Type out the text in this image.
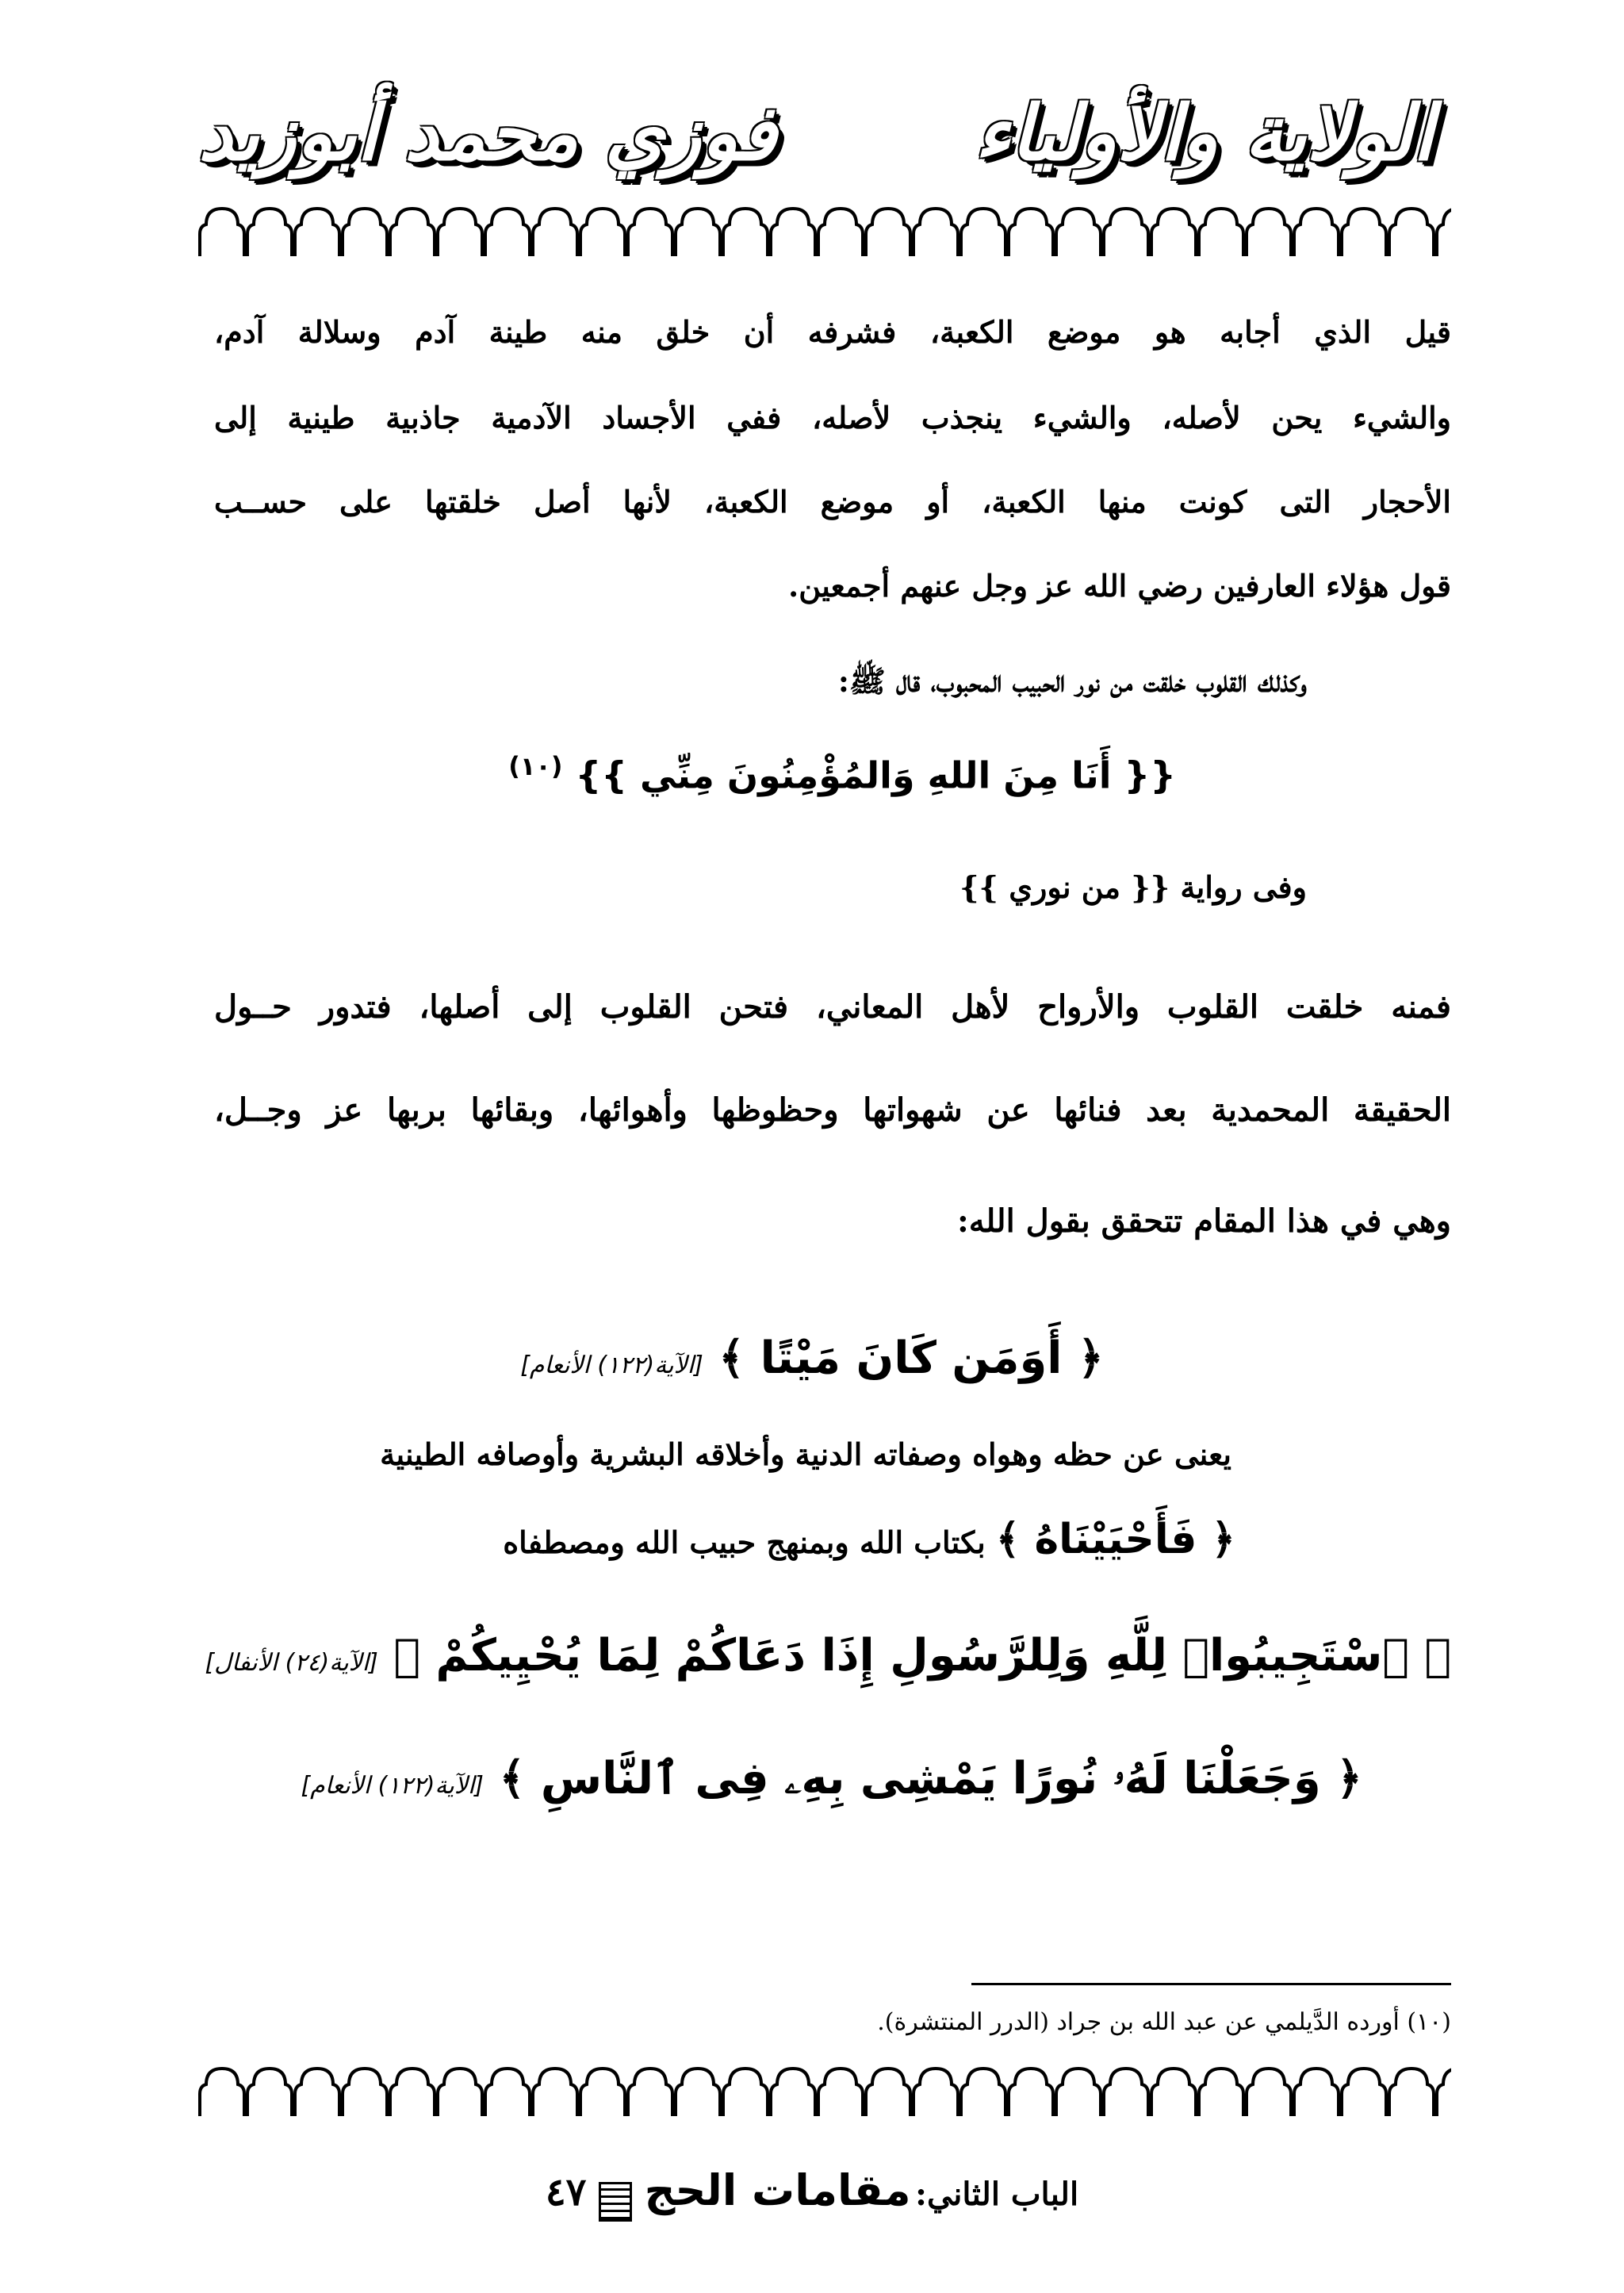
الولاية والأولياء
فوزي محمد أبوزيد
قيل الذي أجابه هو موضع الكعبة، فشرفه أن خلق منه طينة آدم وسلالة آدم،
والشيء يحن لأصله، والشيء ينجذب لأصله، ففي الأجساد الآدمية جاذبية طينية إلى
الأحجار التى كونت منها الكعبة، أو موضع الكعبة، لأنها أصل خلقتها على حســب
قول هؤلاء العارفين رضي الله عز وجل عنهم أجمعين.
وكذلك القلوب خلقت من نور الحبيب المحبوب، قال ﷺ:
{{ أَنَا مِنَ اللهِ وَالمُؤْمِنُونَ مِنِّي }} $^{(١٠)}$
وفى رواية {{ من نوري }}
فمنه خلقت القلوب والأرواح لأهل المعاني، فتحن القلوب إلى أصلها، فتدور حــول
الحقيقة المحمدية بعد فنائها عن شهواتها وحظوظها وأهوائها، وبقائها بربها عز وجــل،
وهي في هذا المقام تتحقق بقول الله:
﴿ أَوَمَن كَانَ مَيْتًا ﴾ [الآية(١٢٢) الأنعام]
يعنى عن حظه وهواه وصفاته الدنية وأخلاقه البشرية وأوصافه الطينية
﴿ فَأَحْيَيْنَاهُ ﴾ بكتاب الله وبمنهج حبيب الله ومصطفاه
﴿ ٱسْتَجِيبُوا۟ لِلَّهِ وَلِلرَّسُولِ إِذَا دَعَاكُمْ لِمَا يُحْيِيكُمْ ﴾ [الآية(٢٤) الأنفال]
﴿ وَجَعَلْنَا لَهُۥ نُورًا يَمْشِى بِهِۦ فِى ٱلنَّاسِ ﴾ [الآية(١٢٢) الأنعام]
(١٠) أورده الدَّيلمي عن عبد الله بن جراد (الدرر المنتشرة).
الباب الثاني: مقامات الحج  ٤٧
